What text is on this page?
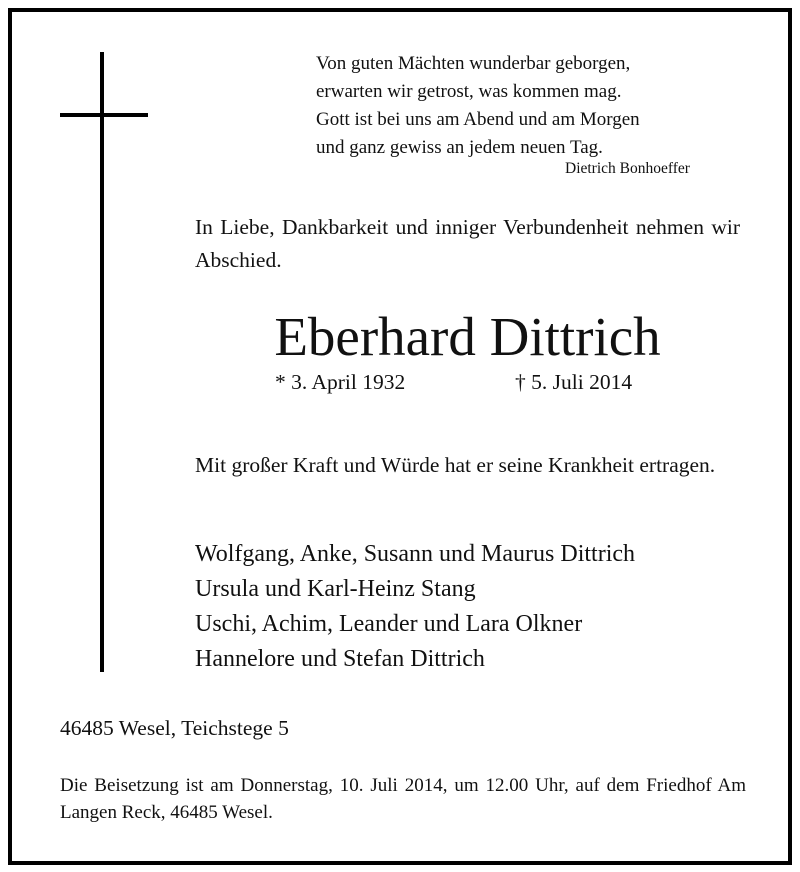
Von guten Mächten wunderbar geborgen,
erwarten wir getrost, was kommen mag.
Gott ist bei uns am Abend und am Morgen
und ganz gewiss an jedem neuen Tag.
Dietrich Bonhoeffer
In Liebe, Dankbarkeit und inniger Verbundenheit nehmen wir Abschied.
Eberhard Dittrich
* 3. April 1932	† 5. Juli 2014
Mit großer Kraft und Würde hat er seine Krankheit ertragen.
Wolfgang, Anke, Susann und Maurus Dittrich
Ursula und Karl-Heinz Stang
Uschi, Achim, Leander und Lara Olkner
Hannelore und Stefan Dittrich
46485 Wesel, Teichstege 5
Die Beisetzung ist am Donnerstag, 10. Juli 2014, um 12.00 Uhr, auf dem Friedhof Am Langen Reck, 46485 Wesel.
